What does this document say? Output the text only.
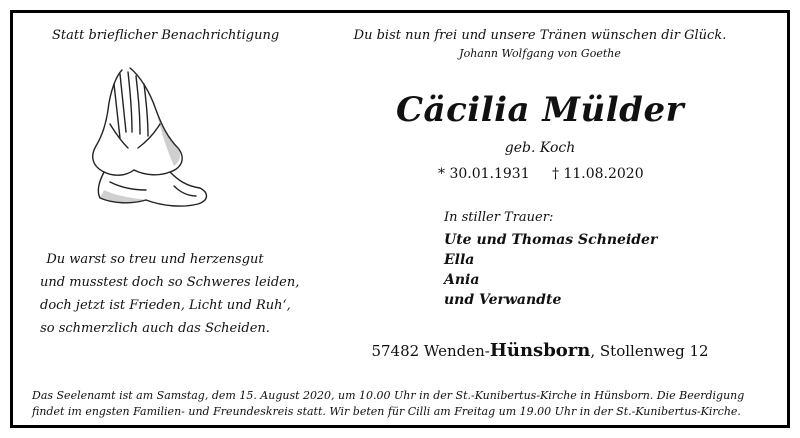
Statt brieflicher Benachrichtigung	Du bist nun frei und unsere Tränen wünschen dir Glück.
Johann Wolfgang von Goethe
Cäcilia Mülder
geb. Koch
* 30.01.1931 † 11.08.2020
Du warst so treu und herzensgut
und musstest doch so Schweres leiden,
doch jetzt ist Frieden, Licht und Ruh‘,
so schmerzlich auch das Scheiden.
In stiller Trauer:
Ute und Thomas Schneider
Ella
Ania
und Verwandte
57482 Wenden-Hünsborn, Stollenweg 12
Das Seelenamt ist am Samstag, dem 15. August 2020, um 10.00 Uhr in der St.-Kunibertus-Kirche in Hünsborn. Die Beerdigung findet im engsten Familien- und Freundeskreis statt. Wir beten für Cilli am Freitag um 19.00 Uhr in der St.-Kunibertus-Kirche.
